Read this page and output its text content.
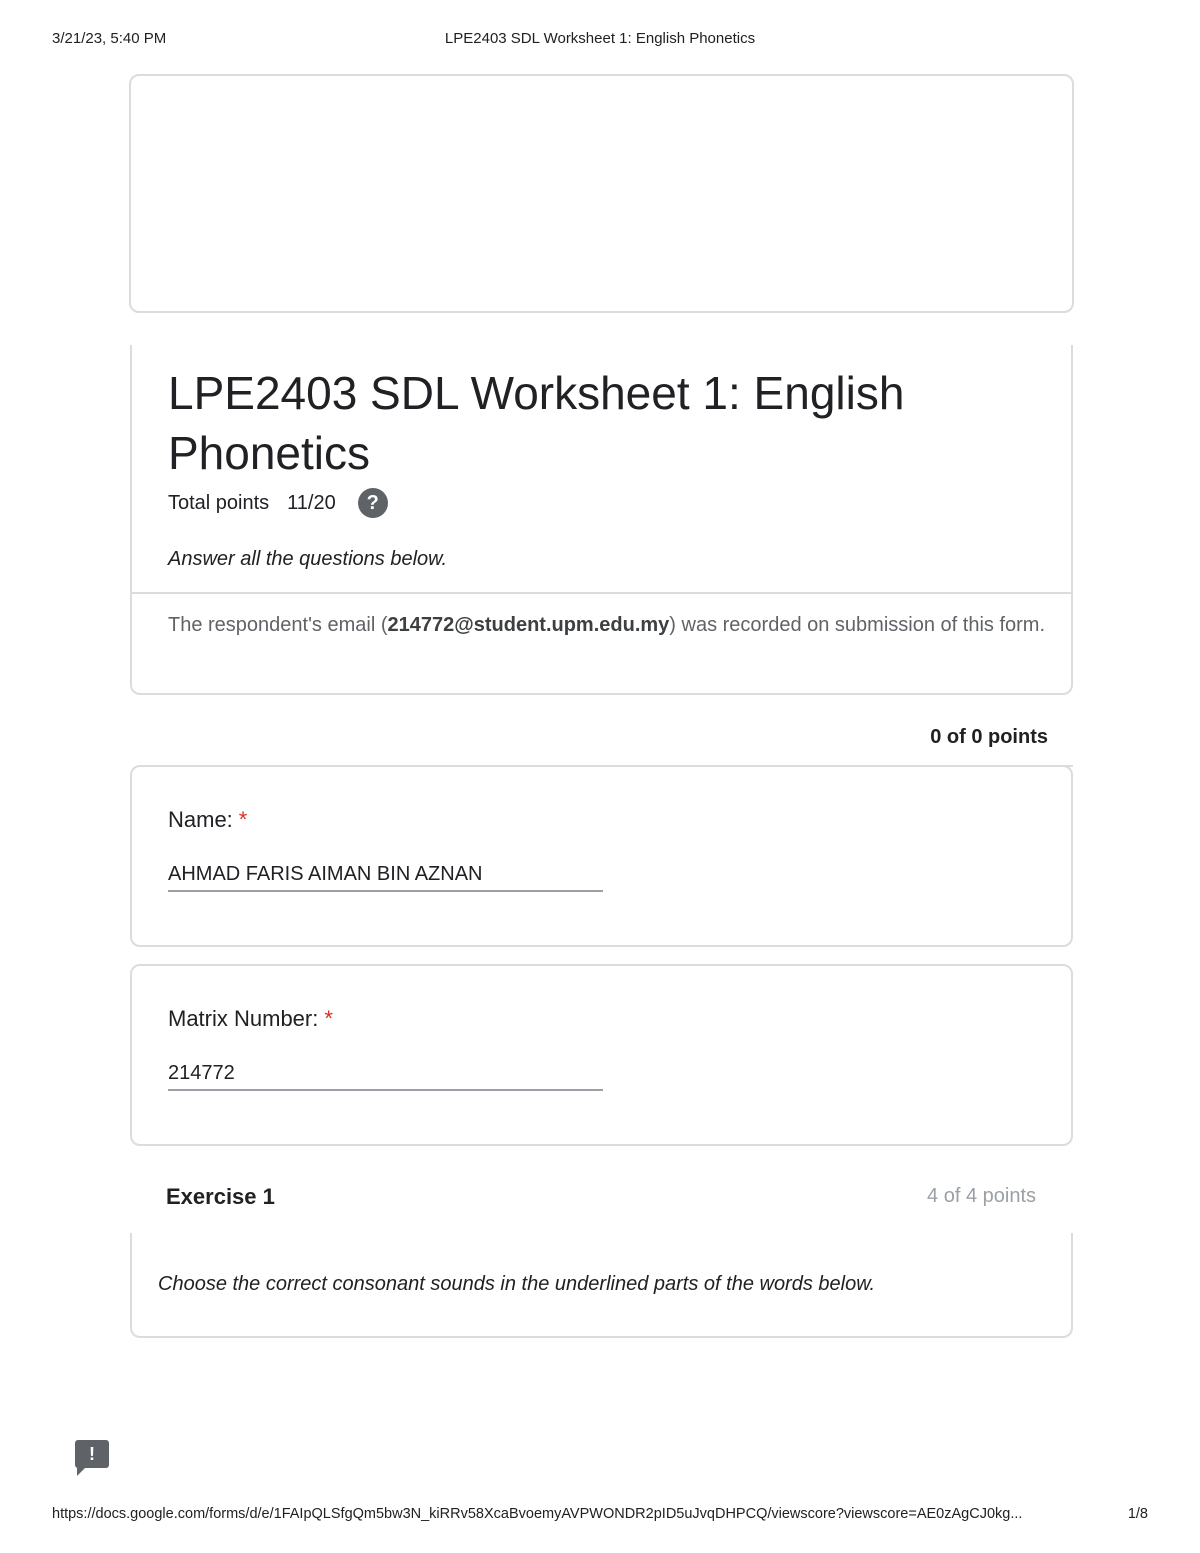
3/21/23, 5:40 PM	LPE2403 SDL Worksheet 1: English Phonetics
LPE2403 SDL Worksheet 1: English Phonetics
Total points 11/20	?
Answer all the questions below.
The respondent's email (214772@student.upm.edu.my) was recorded on submission of this form.
0 of 0 points
Name: *
AHMAD FARIS AIMAN BIN AZNAN
Matrix Number: *
214772
Exercise 1	4 of 4 points
Choose the correct consonant sounds in the underlined parts of the words below.
!
https://docs.google.com/forms/d/e/1FAIpQLSfgQm5bw3N_kiRRv58XcaBvoemyAVPWONDR2pID5uJvqDHPCQ/viewscore?viewscore=AE0zAgCJ0kg...	1/8
